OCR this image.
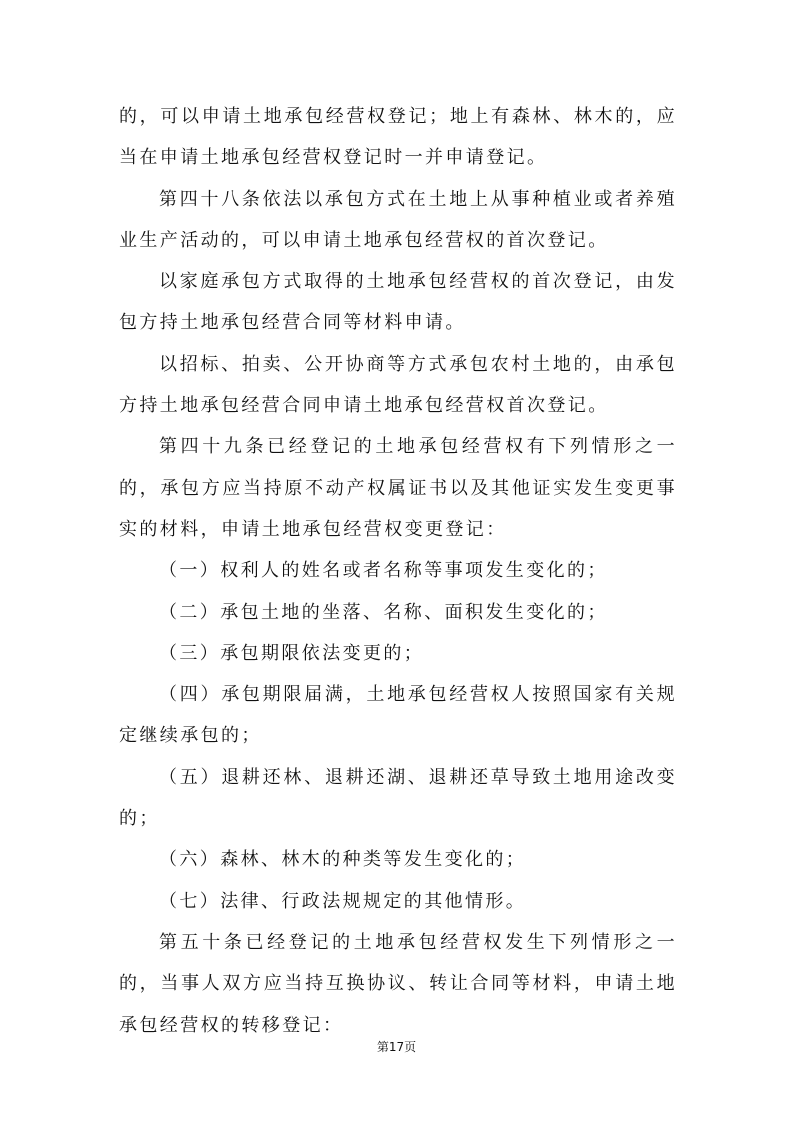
的，可以申请土地承包经营权登记；地上有森林、林木的，应当在申请土地承包经营权登记时一并申请登记。

第四十八条依法以承包方式在土地上从事种植业或者养殖业生产活动的，可以申请土地承包经营权的首次登记。

以家庭承包方式取得的土地承包经营权的首次登记，由发包方持土地承包经营合同等材料申请。

以招标、拍卖、公开协商等方式承包农村土地的，由承包方持土地承包经营合同申请土地承包经营权首次登记。

第四十九条已经登记的土地承包经营权有下列情形之一的，承包方应当持原不动产权属证书以及其他证实发生变更事实的材料，申请土地承包经营权变更登记：

（一）权利人的姓名或者名称等事项发生变化的；

（二）承包土地的坐落、名称、面积发生变化的；

（三）承包期限依法变更的；

（四）承包期限届满，土地承包经营权人按照国家有关规定继续承包的；

（五）退耕还林、退耕还湖、退耕还草导致土地用途改变的；

（六）森林、林木的种类等发生变化的；

（七）法律、行政法规规定的其他情形。

第五十条已经登记的土地承包经营权发生下列情形之一的，当事人双方应当持互换协议、转让合同等材料，申请土地承包经营权的转移登记：

第17页
